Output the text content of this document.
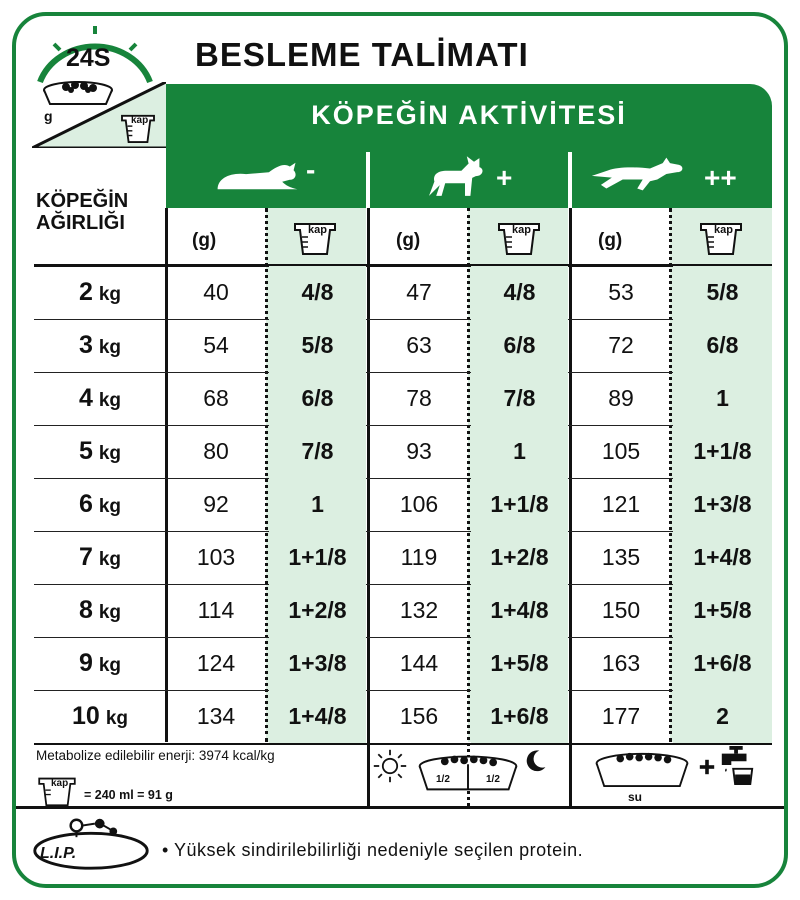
24S
g	kap
BESLEME TALİMATI
KÖPEĞİN AKTİVİTESİ
-	+	++
KÖPEĞİN
AĞIRLIĞI
(g)	(g)	(g)
kap	kap	kap
2 kg	40	4/8	47	4/8	53	5/8
3 kg	54	5/8	63	6/8	72	6/8
4 kg	68	6/8	78	7/8	89	1
5 kg	80	7/8	93	1	105	1+1/8
6 kg	92	1	106	1+1/8	121	1+3/8
7 kg	103	1+1/8	119	1+2/8	135	1+4/8
8 kg	114	1+2/8	132	1+4/8	150	1+5/8
9 kg	124	1+3/8	144	1+5/8	163	1+6/8
10 kg	134	1+4/8	156	1+6/8	177	2
Metabolize edilebilir enerji: 3974 kcal/kg
kap
= 240 ml = 91 g
1/2	1/2
su
L.I.P.	• Yüksek sindirilebilirliği nedeniyle seçilen protein.
